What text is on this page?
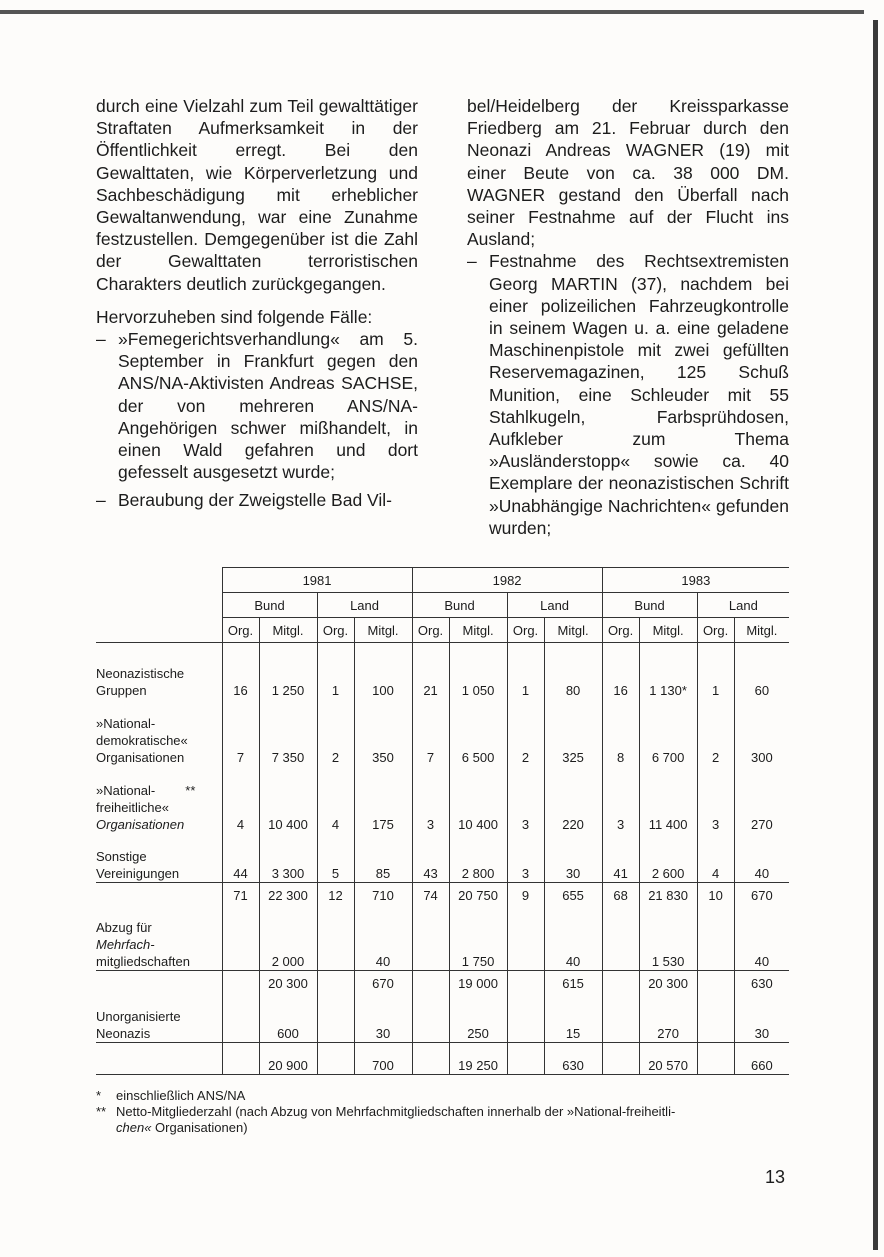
durch eine Vielzahl zum Teil gewalttätiger Straftaten Aufmerksamkeit in der Öffentlichkeit erregt. Bei den Gewalttaten, wie Körperverletzung und Sachbeschädigung mit erheblicher Gewaltanwendung, war eine Zunahme festzustellen. Demgegenüber ist die Zahl der Gewalttaten terroristischen Charakters deutlich zurückgegangen.

Hervorzuheben sind folgende Fälle:

– »Femegerichtsverhandlung« am 5. September in Frankfurt gegen den ANS/NA-Aktivisten Andreas SACHSE, der von mehreren ANS/NA-Angehörigen schwer mißhandelt, in einen Wald gefahren und dort gefesselt ausgesetzt wurde;
– Beraubung der Zweigstelle Bad Vil-

bel/Heidelberg der Kreissparkasse Friedberg am 21. Februar durch den Neonazi Andreas WAGNER (19) mit einer Beute von ca. 38 000 DM. WAGNER gestand den Überfall nach seiner Festnahme auf der Flucht ins Ausland;

– Festnahme des Rechtsextremisten Georg MARTIN (37), nachdem bei einer polizeilichen Fahrzeugkontrolle in seinem Wagen u. a. eine geladene Maschinenpistole mit zwei gefüllten Reservemagazinen, 125 Schuß Munition, eine Schleuder mit 55 Stahlkugeln, Farbsprühdosen, Aufkleber zum Thema »Ausländerstopp« sowie ca. 40 Exemplare der neonazistischen Schrift »Unabhängige Nachrichten« gefunden wurden;
	1981				1982				1983			
	Bund		Land		Bund		Land		Bund		Land	
	Org.	Mitgl.	Org.	Mitgl.	Org.	Mitgl.	Org.	Mitgl.	Org.	Mitgl.	Org.	Mitgl.
Neonazistische
Gruppen	16	1 250	1	100	21	1 050	1	80	16	1 130*	1	60
»National-
demokratische«
Organisationen	7	7 350	2	350	7	6 500	2	325	8	6 700	2	300
»National- **
freiheitliche«
Organisationen	4	10 400	4	175	3	10 400	3	220	3	11 400	3	270
Sonstige
Vereinigungen	44	3 300	5	85	43	2 800	3	30	41	2 600	4	40
	71	22 300	12	710	74	20 750	9	655	68	21 830	10	670
Abzug für
Mehrfach-
mitgliedschaften		2 000		40		1 750		40		1 530		40
		20 300		670		19 000		615		20 300		630
Unorganisierte
Neonazis		600		30		250		15		270		30
		20 900		700		19 250		630		20 570		660
* einschließlich ANS/NA
** Netto-Mitgliederzahl (nach Abzug von Mehrfachmitgliedschaften innerhalb der »National-freiheitli-
chen« Organisationen)
13
